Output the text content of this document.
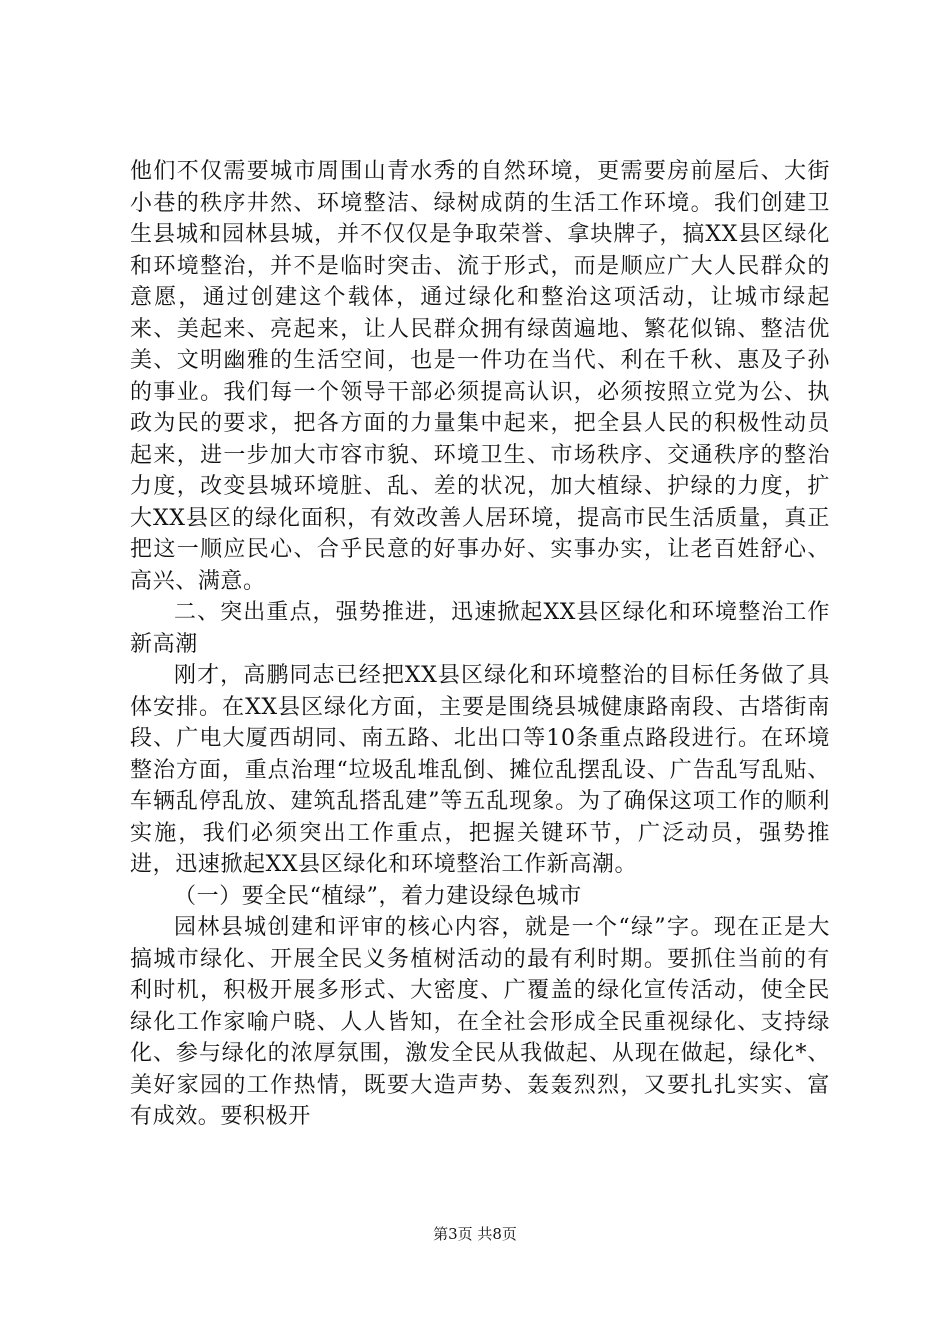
他们不仅需要城市周围山青水秀的自然环境，更需要房前屋后、大街小巷的秩序井然、环境整洁、绿树成荫的生活工作环境。我们创建卫生县城和园林县城，并不仅仅是争取荣誉、拿块牌子，搞XX县区绿化和环境整治，并不是临时突击、流于形式，而是顺应广大人民群众的意愿，通过创建这个载体，通过绿化和整治这项活动，让城市绿起来、美起来、亮起来，让人民群众拥有绿茵遍地、繁花似锦、整洁优美、文明幽雅的生活空间，也是一件功在当代、利在千秋、惠及子孙的事业。我们每一个领导干部必须提高认识，必须按照立党为公、执政为民的要求，把各方面的力量集中起来，把全县人民的积极性动员起来，进一步加大市容市貌、环境卫生、市场秩序、交通秩序的整治力度，改变县城环境脏、乱、差的状况，加大植绿、护绿的力度，扩大XX县区的绿化面积，有效改善人居环境，提高市民生活质量，真正把这一顺应民心、合乎民意的好事办好、实事办实，让老百姓舒心、高兴、满意。

二、突出重点，强势推进，迅速掀起XX县区绿化和环境整治工作新高潮

刚才，高鹏同志已经把XX县区绿化和环境整治的目标任务做了具体安排。在XX县区绿化方面，主要是围绕县城健康路南段、古塔街南段、广电大厦西胡同、南五路、北出口等10条重点路段进行。在环境整治方面，重点治理“垃圾乱堆乱倒、摊位乱摆乱设、广告乱写乱贴、车辆乱停乱放、建筑乱搭乱建”等五乱现象。为了确保这项工作的顺利实施，我们必须突出工作重点，把握关键环节，广泛动员，强势推进，迅速掀起XX县区绿化和环境整治工作新高潮。

（一）要全民“植绿”，着力建设绿色城市

园林县城创建和评审的核心内容，就是一个“绿”字。现在正是大搞城市绿化、开展全民义务植树活动的最有利时期。要抓住当前的有利时机，积极开展多形式、大密度、广覆盖的绿化宣传活动，使全民绿化工作家喻户晓、人人皆知，在全社会形成全民重视绿化、支持绿化、参与绿化的浓厚氛围，激发全民从我做起、从现在做起，绿化*、美好家园的工作热情，既要大造声势、轰轰烈烈，又要扎扎实实、富有成效。要积极开

第3页 共8页
